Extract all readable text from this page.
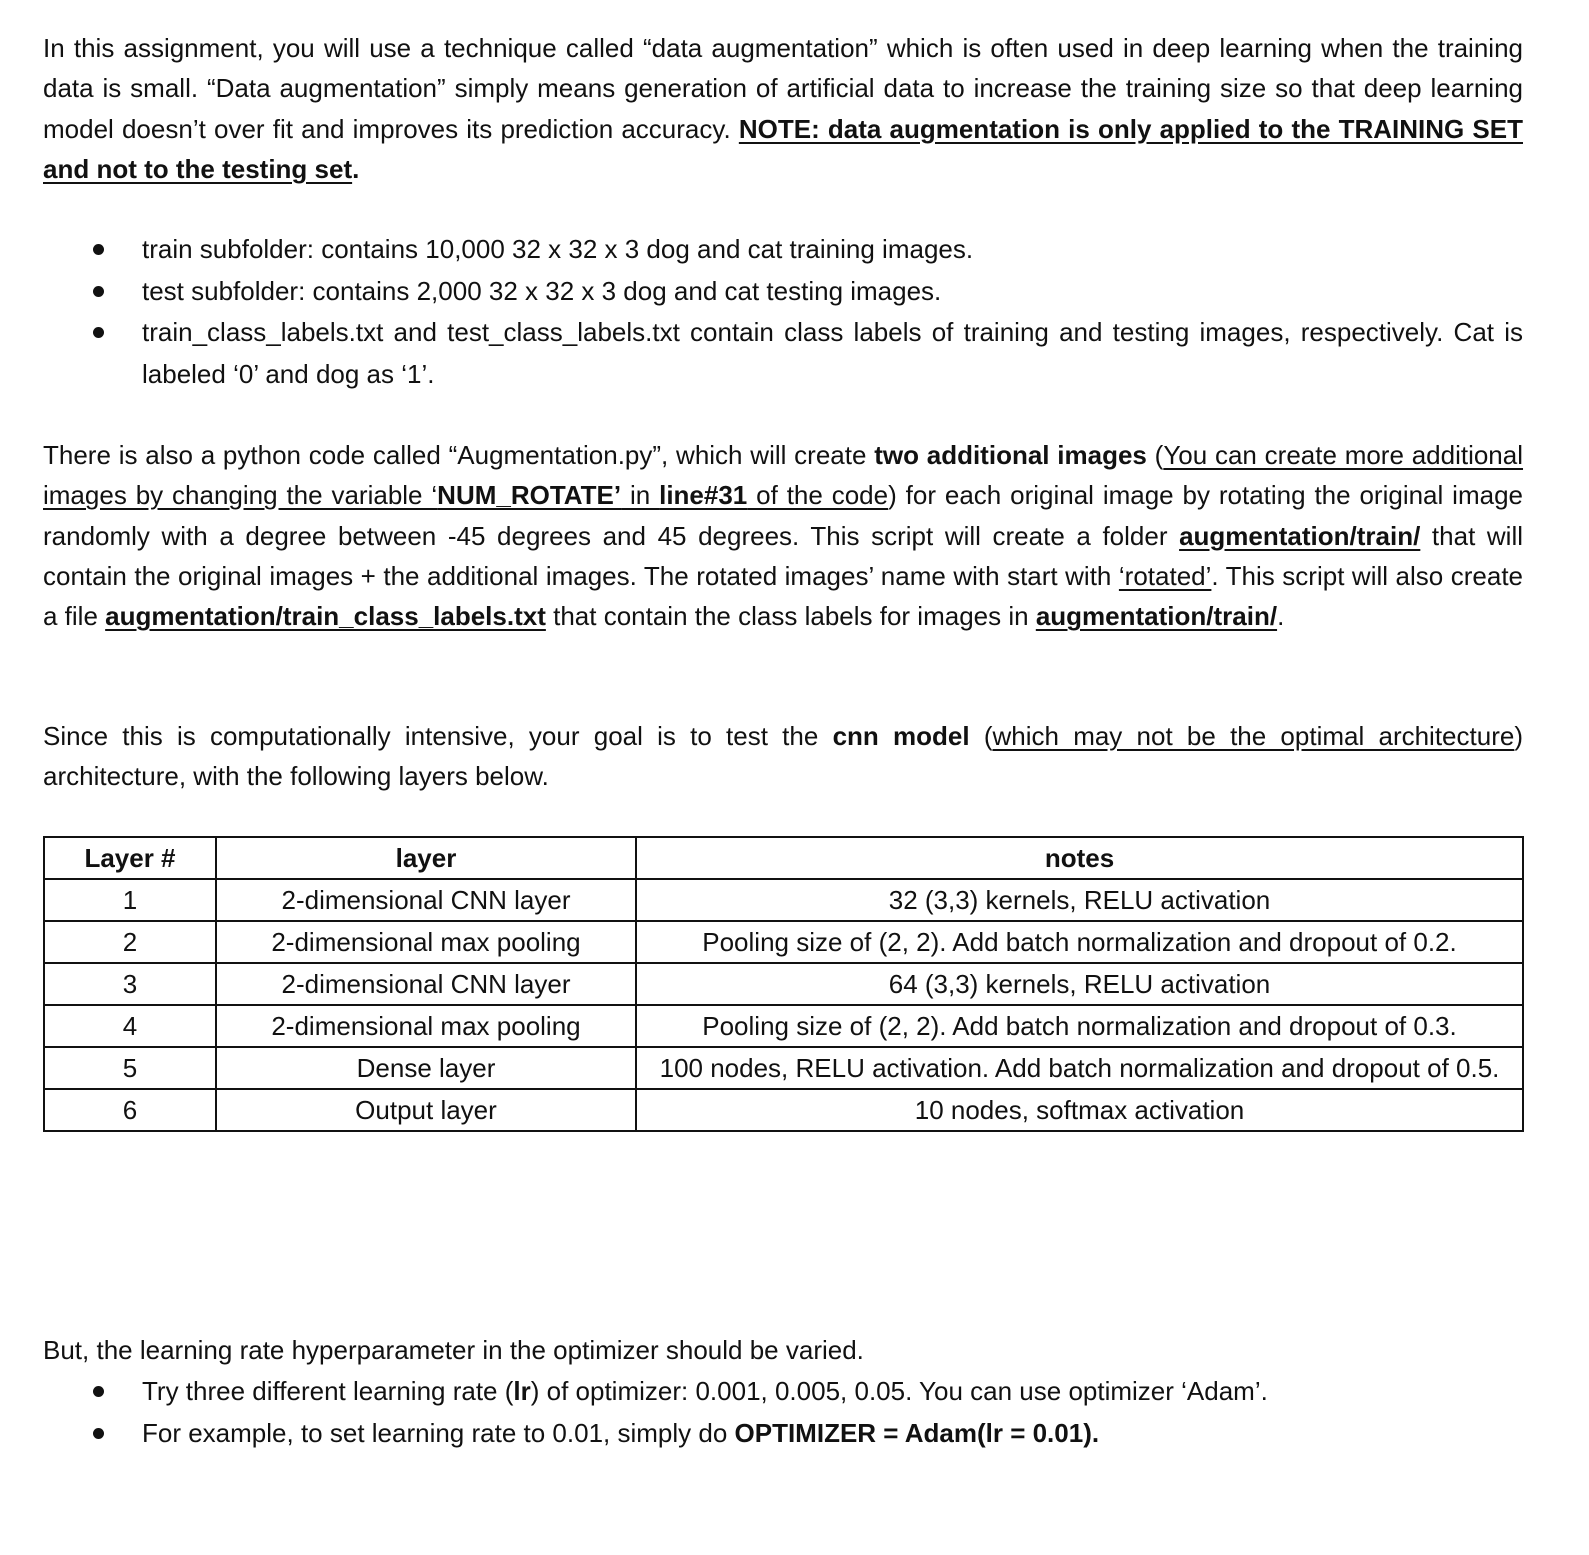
In this assignment, you will use a technique called “data augmentation” which is often used in deep learning when the training data is small. “Data augmentation” simply means generation of artificial data to increase the training size so that deep learning model doesn’t over fit and improves its prediction accuracy. NOTE: data augmentation is only applied to the TRAINING SET and not to the testing set.
train subfolder: contains 10,000 32 x 32 x 3 dog and cat training images.
test subfolder: contains 2,000 32 x 32 x 3 dog and cat testing images.
train_class_labels.txt and test_class_labels.txt contain class labels of training and testing images, respectively. Cat is labeled ‘0’ and dog as ‘1’.
There is also a python code called “Augmentation.py”, which will create two additional images (You can create more additional images by changing the variable ‘NUM_ROTATE’ in line#31 of the code) for each original image by rotating the original image randomly with a degree between -45 degrees and 45 degrees. This script will create a folder augmentation/train/ that will contain the original images + the additional images. The rotated images’ name with start with ‘rotated’. This script will also create a file augmentation/train_class_labels.txt that contain the class labels for images in augmentation/train/.
Since this is computationally intensive, your goal is to test the cnn model (which may not be the optimal architecture) architecture, with the following layers below.
Layer #	layer	notes
1	2-dimensional CNN layer	32 (3,3) kernels, RELU activation
2	2-dimensional max pooling	Pooling size of (2, 2). Add batch normalization and dropout of 0.2.
3	2-dimensional CNN layer	64 (3,3) kernels, RELU activation
4	2-dimensional max pooling	Pooling size of (2, 2). Add batch normalization and dropout of 0.3.
5	Dense layer	100 nodes, RELU activation. Add batch normalization and dropout of 0.5.
6	Output layer	10 nodes, softmax activation
But, the learning rate hyperparameter in the optimizer should be varied.
Try three different learning rate (lr) of optimizer: 0.001, 0.005, 0.05. You can use optimizer ‘Adam’.
For example, to set learning rate to 0.01, simply do OPTIMIZER = Adam(lr = 0.01).
